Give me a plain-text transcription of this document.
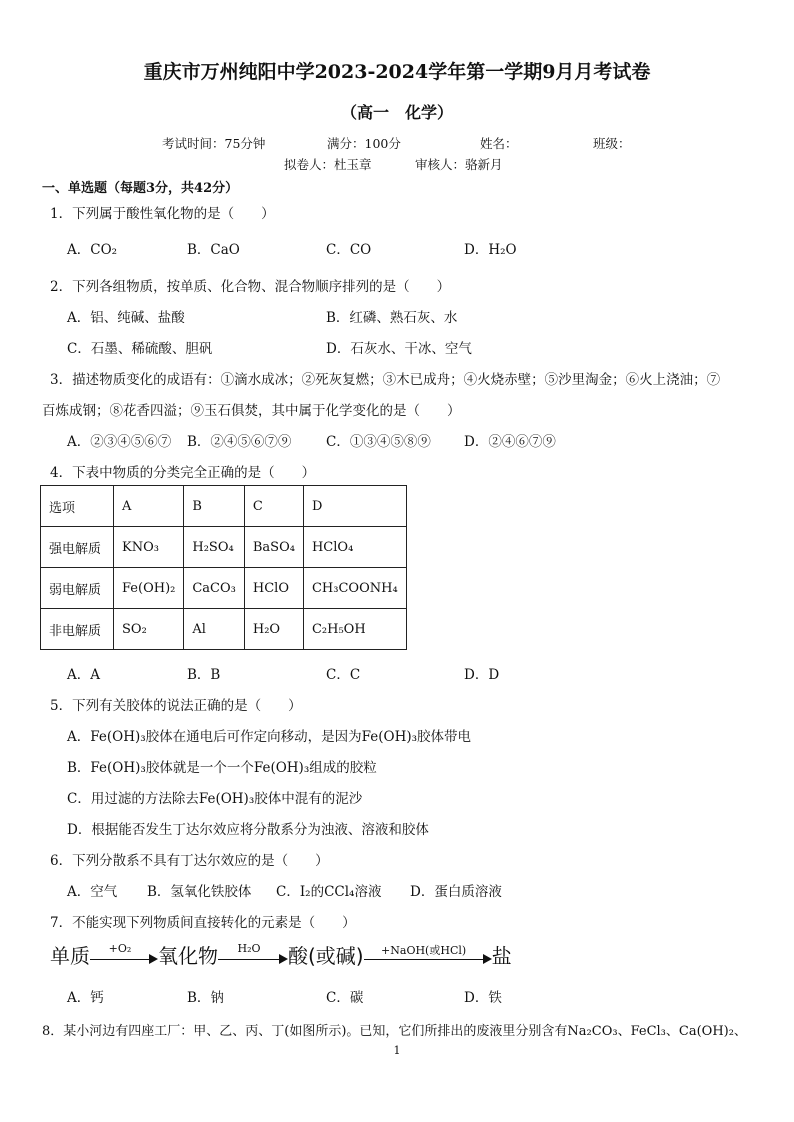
重庆市万州纯阳中学2023-2024学年第一学期9月月考试卷
（高一　化学）
考试时间：75分钟	满分：100分	姓名：	班级：
拟卷人：杜玉章	审核人：骆新月
一、单选题（每题3分，共42分）
1．下列属于酸性氧化物的是（　　）
A．CO₂	B．CaO	C．CO	D．H₂O
2．下列各组物质，按单质、化合物、混合物顺序排列的是（　　）
A．铝、纯碱、盐酸	B．红磷、熟石灰、水
C．石墨、稀硫酸、胆矾	D．石灰水、干冰、空气
3．描述物质变化的成语有：①滴水成冰；②死灰复燃；③木已成舟；④火烧赤壁；⑤沙里淘金；⑥火上浇油；⑦
百炼成钢；⑧花香四溢；⑨玉石俱焚，其中属于化学变化的是（　　）
A．②③④⑤⑥⑦ B．②④⑤⑥⑦⑨	C．①③④⑤⑧⑨ D．②④⑥⑦⑨
4．下表中物质的分类完全正确的是（　　）
选项	A	B	C	D
强电解质	KNO₃	H₂SO₄	BaSO₄	HClO₄
弱电解质	Fe(OH)₂	CaCO₃	HClO	CH₃COONH₄
非电解质	SO₂	Al	H₂O	C₂H₅OH
A．A	B．B	C．C	D．D
5．下列有关胶体的说法正确的是（　　）
A．Fe(OH)₃胶体在通电后可作定向移动，是因为Fe(OH)₃胶体带电
B．Fe(OH)₃胶体就是一个一个Fe(OH)₃组成的胶粒
C．用过滤的方法除去Fe(OH)₃胶体中混有的泥沙
D．根据能否发生丁达尔效应将分散系分为浊液、溶液和胶体
6．下列分散系不具有丁达尔效应的是（　　）
A．空气 B．氢氧化铁胶体 C．I₂的CCl₄溶液 D．蛋白质溶液
7．不能实现下列物质间直接转化的元素是（　　）
单质	+O₂	氧化物	H₂O	酸(或碱)	+NaOH(或HCl)	盐
A．钙	B．钠	C．碳	D．铁
8．某小河边有四座工厂：甲、乙、丙、丁(如图所示)。已知，它们所排出的废液里分别含有Na₂CO₃、FeCl₃、Ca(OH)₂、
1
